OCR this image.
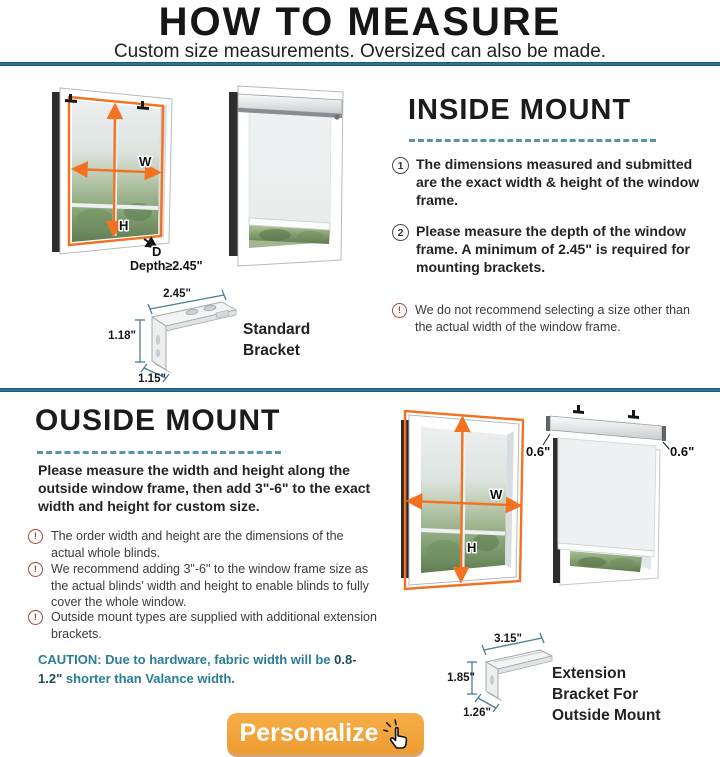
HOW TO MEASURE

Custom size measurements. Oversized can also be made.

W
H
D
Depth≥2.45"
INSIDE MOUNT
1 The dimensions measured and submitted are the exact width & height of the window frame.
2 Please measure the depth of the window frame. A minimum of 2.45" is required for mounting brackets.
!	We do not recommend selecting a size other than the actual width of the window frame.
2.45"
1.18"
1.15"
Standard Bracket
OUSIDE MOUNT
Please measure the width and height along the outside window frame, then add 3"-6" to the exact width and height for custom size.
!	The order width and height are the dimensions of the actual whole blinds.
!	We recommend adding 3"-6" to the window frame size as the actual blinds' width and height to enable blinds to fully cover the whole window.
!	Outside mount types are supplied with additional extension brackets.
CAUTION: Due to hardware, fabric width will be 0.8-1.2" shorter than Valance width.
W
H
0.6"	0.6"
3.15"
1.85"
1.26"
Extension Bracket For Outside Mount
Personalize
